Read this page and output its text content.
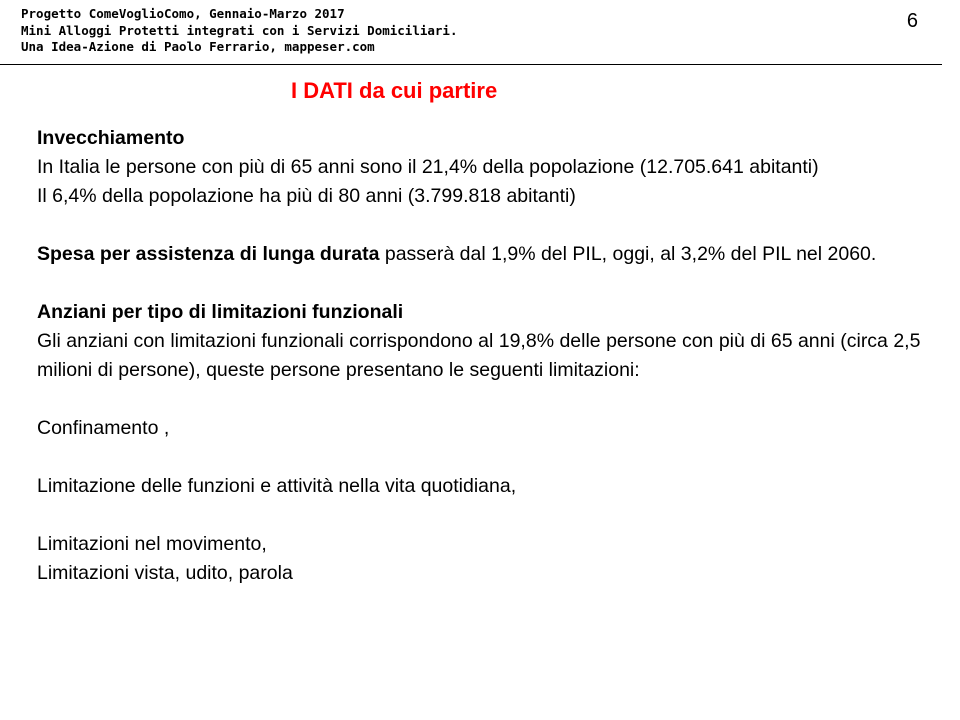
Progetto ComeVoglioComo, Gennaio-Marzo 2017
Mini Alloggi Protetti integrati con i Servizi Domiciliari.
Una Idea-Azione di Paolo Ferrario, mappeser.com
6
I DATI da cui partire

Invecchiamento

In Italia le persone con più di 65 anni sono il 21,4% della popolazione (12.705.641 abitanti)

Il 6,4% della popolazione ha più di 80 anni (3.799.818 abitanti)

Spesa per assistenza di lunga durata passerà dal 1,9% del PIL, oggi, al 3,2% del PIL nel 2060.

Anziani per tipo di limitazioni funzionali

Gli anziani con limitazioni funzionali corrispondono al 19,8% delle persone con più di 65 anni (circa 2,5 milioni di persone), queste persone presentano le seguenti limitazioni:

Confinamento ,

Limitazione delle funzioni e attività nella vita quotidiana,

Limitazioni nel movimento,

Limitazioni vista, udito, parola
